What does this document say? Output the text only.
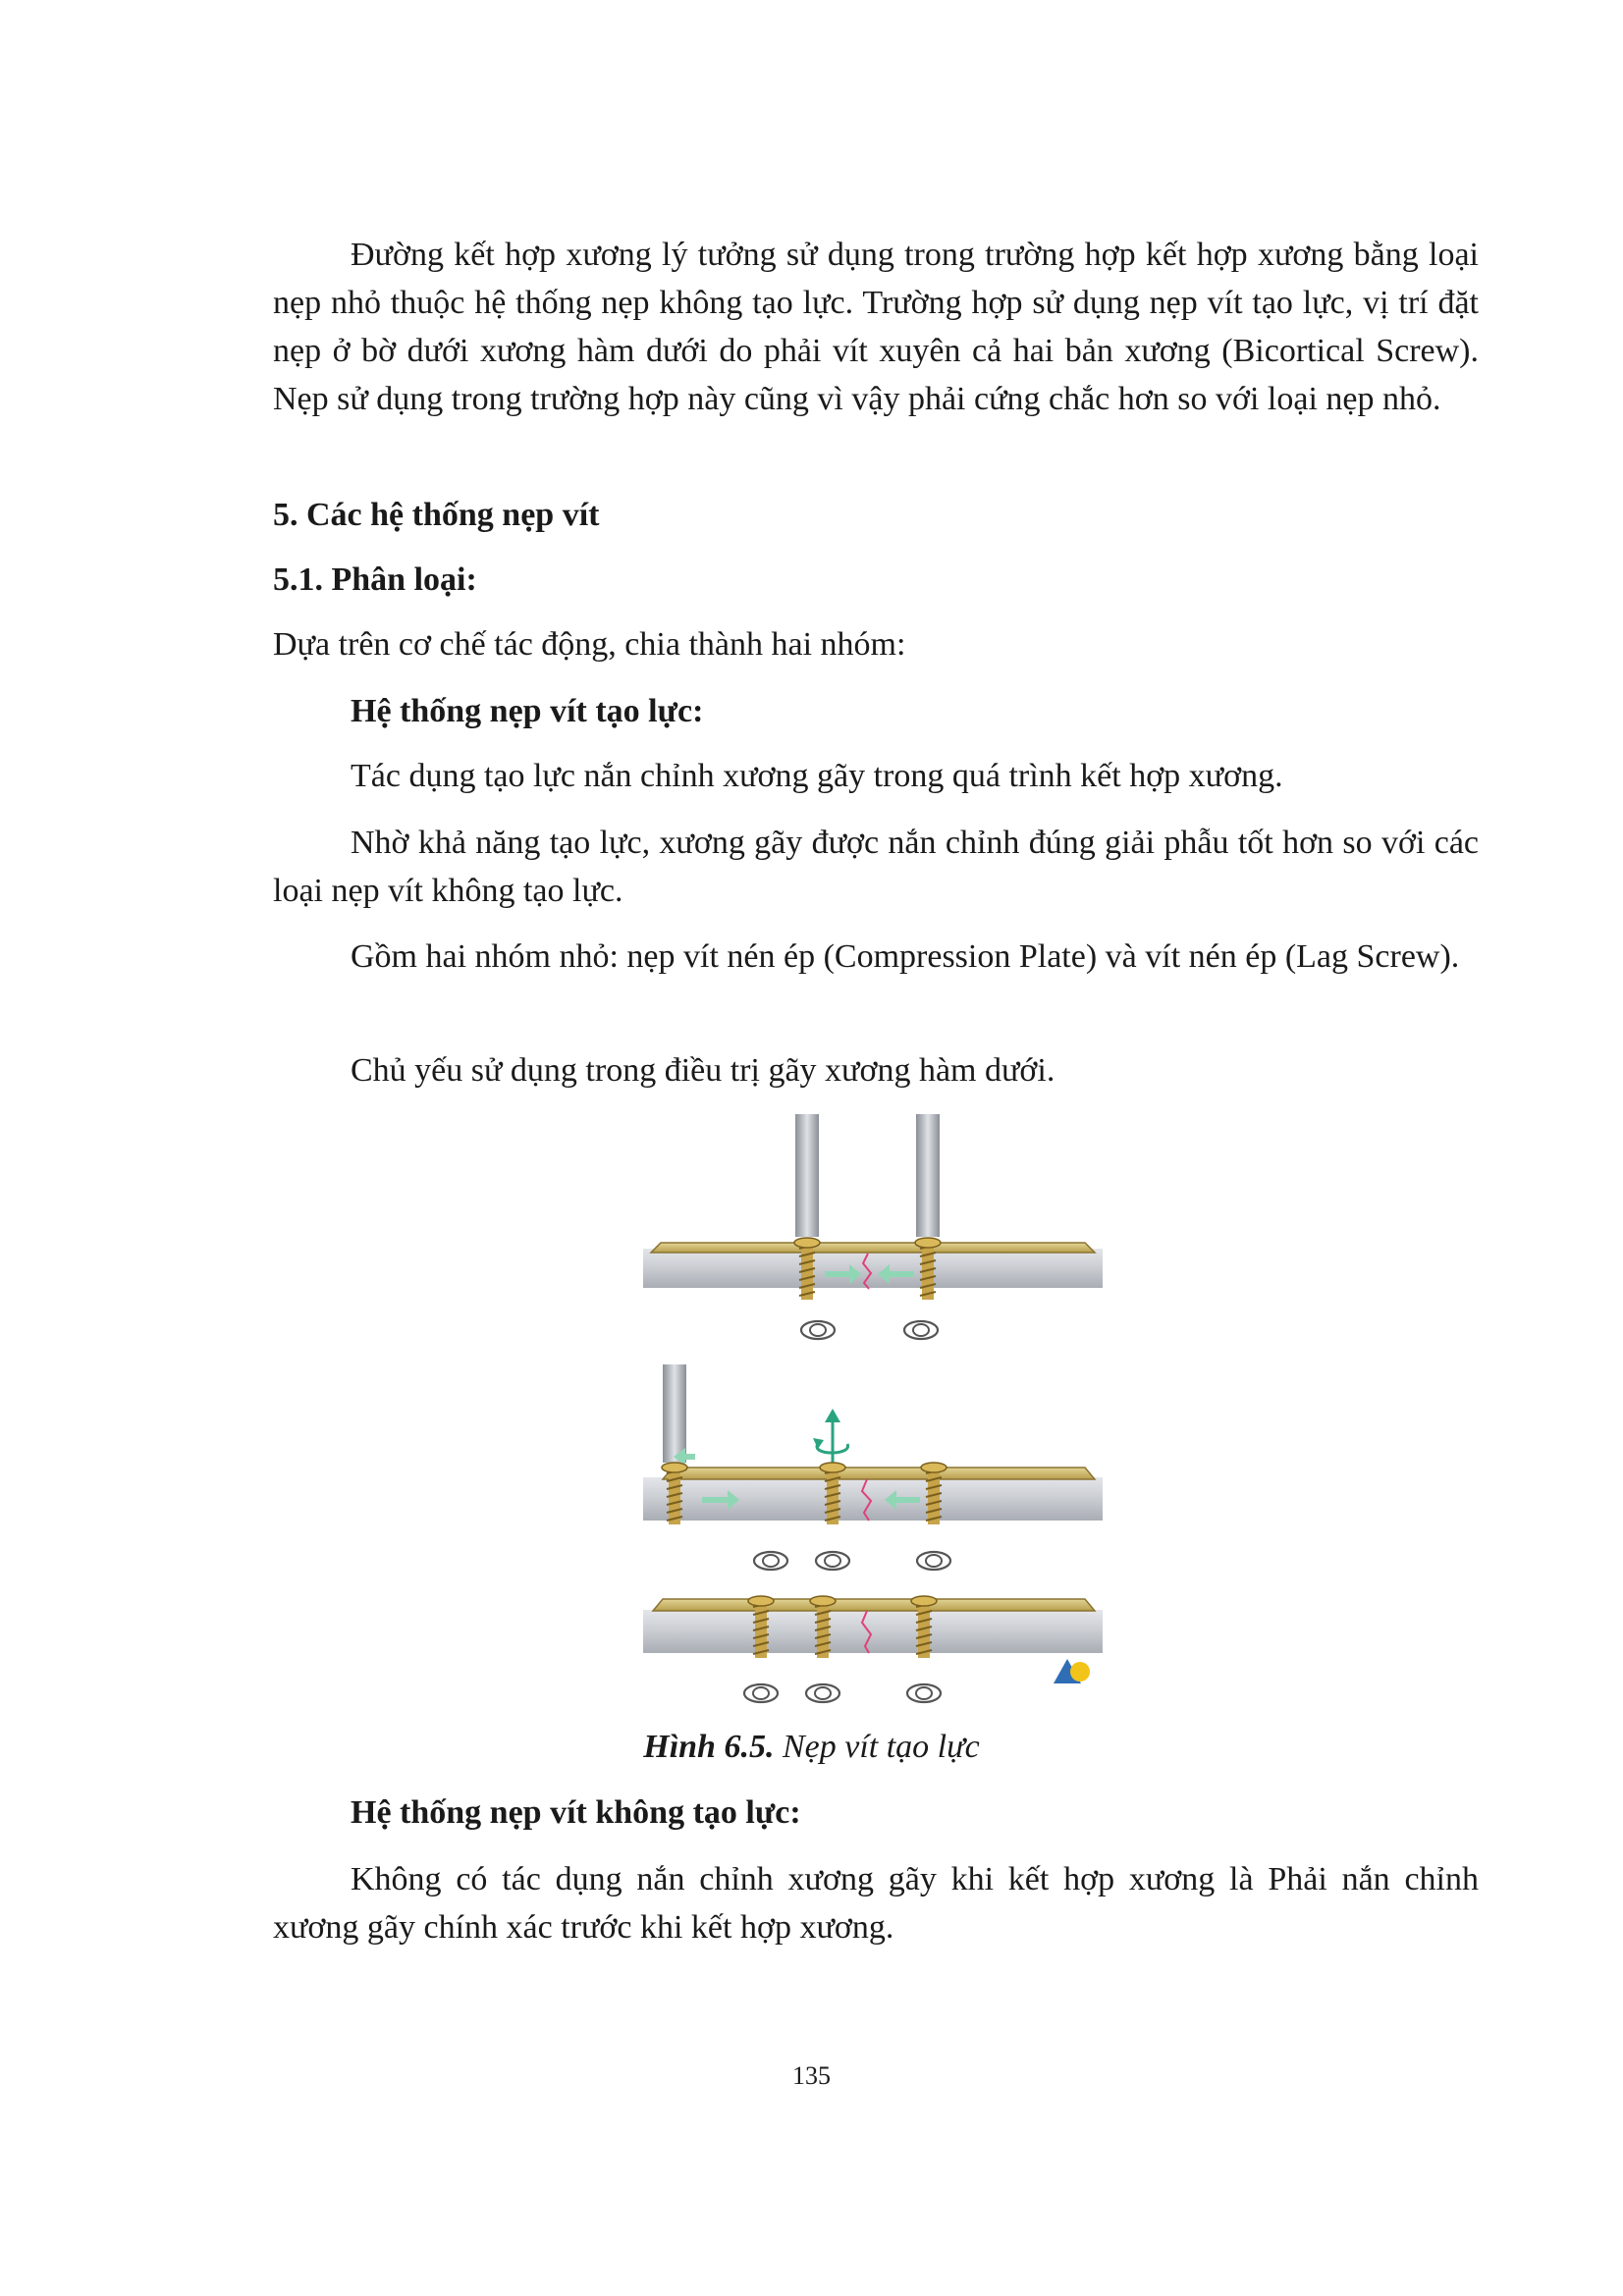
Đường kết hợp xương lý tưởng sử dụng trong trường hợp kết hợp xương bằng loại nẹp nhỏ thuộc hệ thống nẹp không tạo lực. Trường hợp sử dụng nẹp vít tạo lực, vị trí đặt nẹp ở bờ dưới xương hàm dưới do phải vít xuyên cả hai bản xương (Bicortical Screw). Nẹp sử dụng trong trường hợp này cũng vì vậy phải cứng chắc hơn so với loại nẹp nhỏ.

5. Các hệ thống nẹp vít

5.1. Phân loại:

Dựa trên cơ chế tác động, chia thành hai nhóm:

Hệ thống nẹp vít tạo lực:

Tác dụng tạo lực nắn chỉnh xương gãy trong quá trình kết hợp xương.

Nhờ khả năng tạo lực, xương gãy được nắn chỉnh đúng giải phẫu tốt hơn so với các loại nẹp vít không tạo lực.

Gồm hai nhóm nhỏ: nẹp vít nén ép (Compression Plate) và vít nén ép (Lag Screw).

Chủ yếu sử dụng trong điều trị gãy xương hàm dưới.

Hình 6.5. Nẹp vít tạo lực

Hệ thống nẹp vít không tạo lực:

Không có tác dụng nắn chỉnh xương gãy khi kết hợp xương là Phải nắn chỉnh xương gãy chính xác trước khi kết hợp xương.

135
